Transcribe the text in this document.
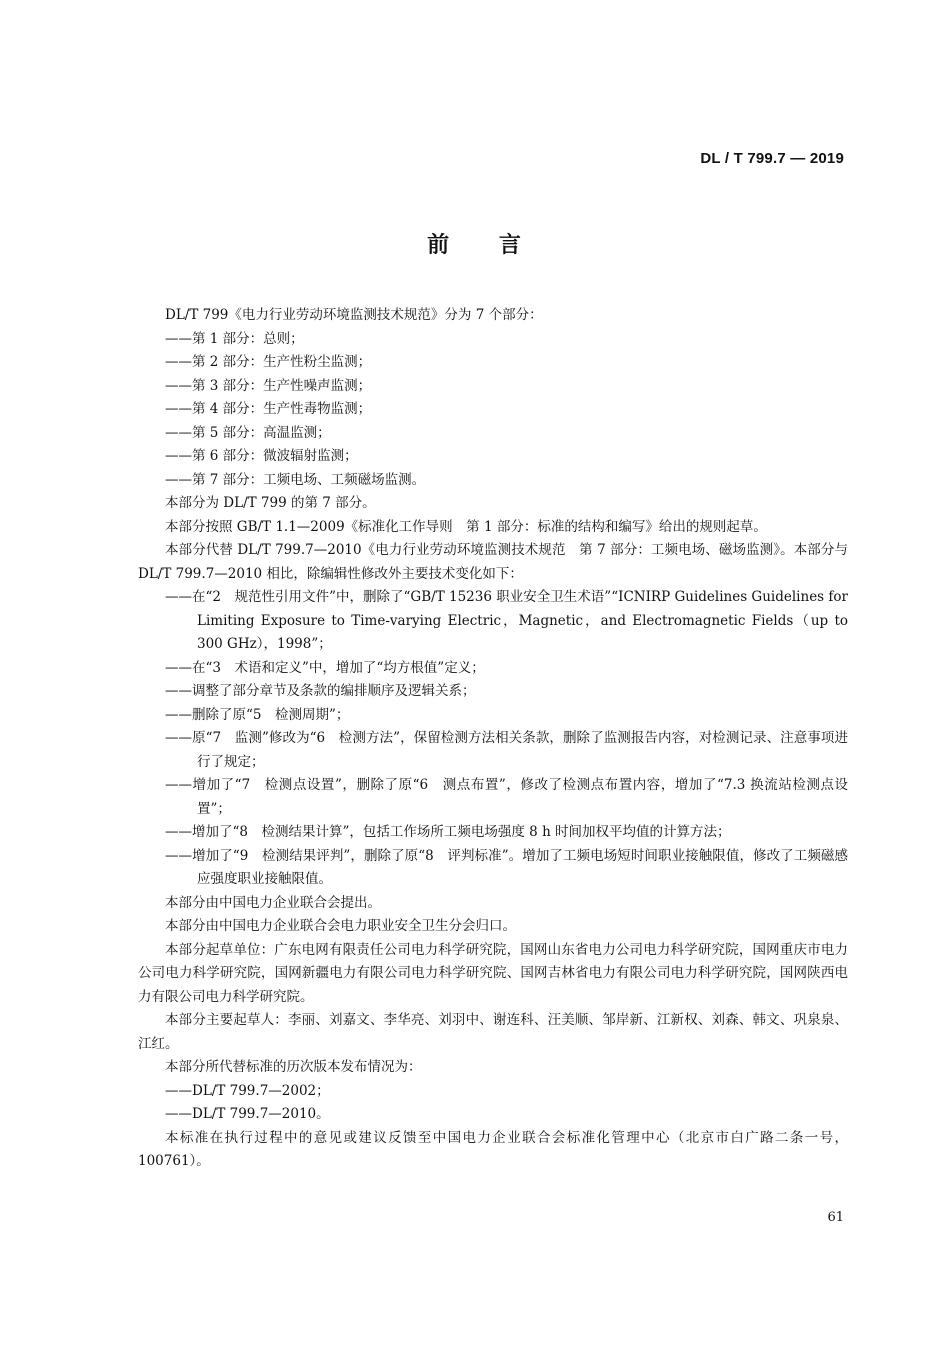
DL / T 799.7 — 2019
前 言

DL/T 799《电力行业劳动环境监测技术规范》分为 7 个部分：

——第 1 部分：总则；

——第 2 部分：生产性粉尘监测；

——第 3 部分：生产性噪声监测；

——第 4 部分：生产性毒物监测；

——第 5 部分：高温监测；

——第 6 部分：微波辐射监测；

——第 7 部分：工频电场、工频磁场监测。

本部分为 DL/T 799 的第 7 部分。

本部分按照 GB/T 1.1—2009《标准化工作导则　第 1 部分：标准的结构和编写》给出的规则起草。

本部分代替 DL/T 799.7—2010《电力行业劳动环境监测技术规范　第 7 部分：工频电场、磁场监测》。本部分与 DL/T 799.7—2010 相比，除编辑性修改外主要技术变化如下：

——在“2　规范性引用文件”中，删除了“GB/T 15236 职业安全卫生术语”“ICNIRP Guidelines Guidelines for Limiting Exposure to Time-varying Electric，Magnetic，and Electromagnetic Fields（up to 300 GHz），1998”；

——在“3　术语和定义”中，增加了“均方根值”定义；

——调整了部分章节及条款的编排顺序及逻辑关系；

——删除了原“5　检测周期”；

——原“7　监测”修改为“6　检测方法”，保留检测方法相关条款，删除了监测报告内容，对检测记录、注意事项进行了规定；

——增加了“7　检测点设置”，删除了原“6　测点布置”，修改了检测点布置内容，增加了“7.3 换流站检测点设置”；

——增加了“8　检测结果计算”，包括工作场所工频电场强度 8 h 时间加权平均值的计算方法；

——增加了“9　检测结果评判”，删除了原“8　评判标准”。增加了工频电场短时间职业接触限值，修改了工频磁感应强度职业接触限值。

本部分由中国电力企业联合会提出。

本部分由中国电力企业联合会电力职业安全卫生分会归口。

本部分起草单位：广东电网有限责任公司电力科学研究院，国网山东省电力公司电力科学研究院，国网重庆市电力公司电力科学研究院，国网新疆电力有限公司电力科学研究院、国网吉林省电力有限公司电力科学研究院，国网陕西电力有限公司电力科学研究院。

本部分主要起草人：李丽、刘嘉文、李华亮、刘羽中、谢连科、汪美顺、邹岸新、江新权、刘森、韩文、巩泉泉、江红。

本部分所代替标准的历次版本发布情况为：

——DL/T 799.7—2002；

——DL/T 799.7—2010。

本标准在执行过程中的意见或建议反馈至中国电力企业联合会标准化管理中心（北京市白广路二条一号，100761）。

61
